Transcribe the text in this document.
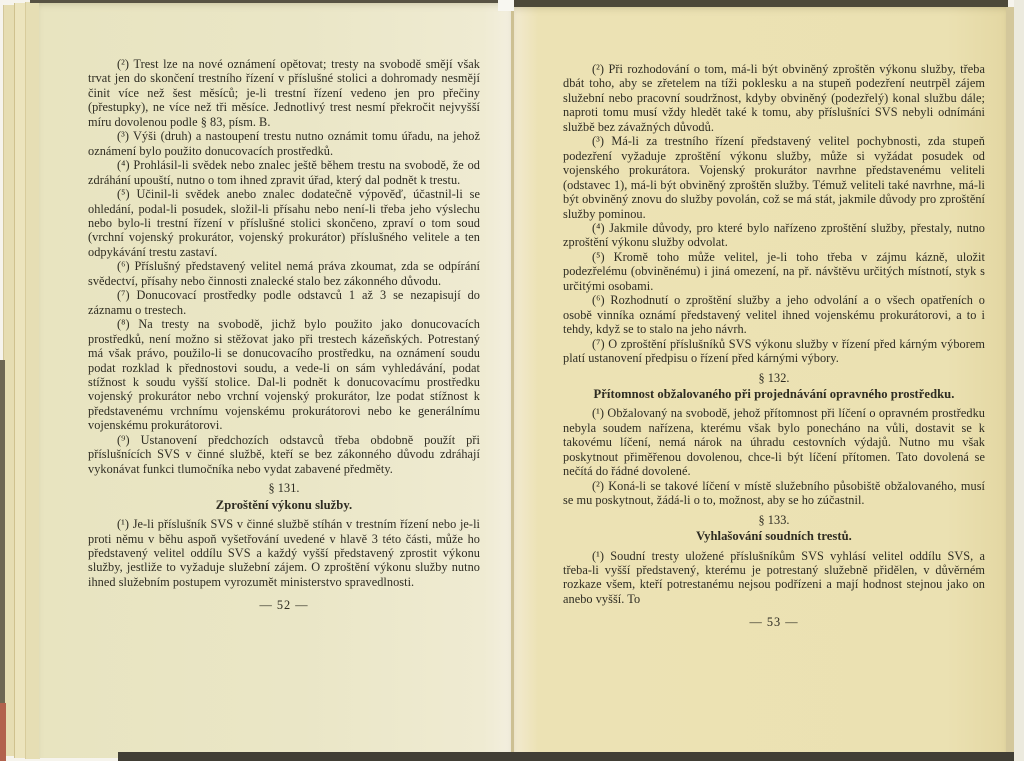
(²) Trest lze na nové oznámení opětovat; tresty na svobodě smějí však trvat jen do skončení trestního řízení v příslušné stolici a dohromady nesmějí činit více než šest měsíců; je-li trestní řízení vedeno jen pro přečiny (přestupky), ne více než tři měsíce. Jednotlivý trest nesmí překročit nejvyšší míru dovolenou podle § 83, písm. B.

(³) Výši (druh) a nastoupení trestu nutno oznámit tomu úřadu, na jehož oznámení bylo použito donucovacích prostředků.

(⁴) Prohlásil-li svědek nebo znalec ještě během trestu na svobodě, že od zdráhání upouští, nutno o tom ihned zpravit úřad, který dal podnět k trestu.

(⁵) Učinil-li svědek anebo znalec dodatečně výpověď, účastnil-li se ohledání, podal-li posudek, složil-li přísahu nebo není-li třeba jeho výslechu nebo bylo-li trestní řízení v příslušné stolici skončeno, zpraví o tom soud (vrchní vojenský prokurátor, vojenský prokurátor) příslušného velitele a ten odpykávání trestu zastaví.

(⁶) Příslušný představený velitel nemá práva zkoumat, zda se odpírání svědectví, přísahy nebo činnosti znalecké stalo bez zákonného důvodu.

(⁷) Donucovací prostředky podle odstavců 1 až 3 se nezapisují do záznamu o trestech.

(⁸) Na tresty na svobodě, jichž bylo použito jako donucovacích prostředků, není možno si stěžovat jako při trestech kázeňských. Potrestaný má však právo, použilo-li se donucovacího prostředku, na oznámení soudu podat rozklad k přednostovi soudu, a vede-li on sám vyhledávání, podat stížnost k soudu vyšší stolice. Dal-li podnět k donucovacímu prostředku vojenský prokurátor nebo vrchní vojenský prokurátor, lze podat stížnost k představenému vrchnímu vojenskému prokurátorovi nebo ke generálnímu vojenskému prokurátorovi.

(⁹) Ustanovení předchozích odstavců třeba obdobně použít při příslušnících SVS v činné službě, kteří se bez zákonného důvodu zdráhají vykonávat funkci tlumočníka nebo vydat zabavené předměty.

§ 131.

Zproštění výkonu služby.

(¹) Je-li příslušník SVS v činné službě stíhán v trestním řízení nebo je-li proti němu v běhu aspoň vyšetřování uvedené v hlavě 3 této části, může ho představený velitel oddílu SVS a každý vyšší představený zprostit výkonu služby, jestliže to vyžaduje služební zájem. O zproštění výkonu služby nutno ihned služebním postupem vyrozumět ministerstvo spravedlnosti.

— 52 —

(²) Při rozhodování o tom, má-li být obviněný zproštěn výkonu služby, třeba dbát toho, aby se zřetelem na tíži poklesku a na stupeň podezření neutrpěl zájem služební nebo pracovní soudržnost, kdyby obviněný (podezřelý) konal službu dále; naproti tomu musí vždy hledět také k tomu, aby příslušníci SVS nebyli odnímáni službě bez závažných důvodů.

(³) Má-li za trestního řízení představený velitel pochybnosti, zda stupeň podezření vyžaduje zproštění výkonu služby, může si vyžádat posudek od vojenského prokurátora. Vojenský prokurátor navrhne představenému veliteli (odstavec 1), má-li být obviněný zproštěn služby. Témuž veliteli také navrhne, má-li být obviněný znovu do služby povolán, což se má stát, jakmile důvody pro zproštění služby pominou.

(⁴) Jakmile důvody, pro které bylo nařízeno zproštění služby, přestaly, nutno zproštění výkonu služby odvolat.

(⁵) Kromě toho může velitel, je-li toho třeba v zájmu kázně, uložit podezřelému (obviněnému) i jiná omezení, na př. návštěvu určitých místnotí, styk s určitými osobami.

(⁶) Rozhodnutí o zproštění služby a jeho odvolání a o všech opatřeních o osobě vinníka oznámí představený velitel ihned vojenskému prokurátorovi, a to i tehdy, když se to stalo na jeho návrh.

(⁷) O zproštění příslušníků SVS výkonu služby v řízení před kárným výborem platí ustanovení předpisu o řízení před kárnými výbory.

§ 132.

Přítomnost obžalovaného při projednávání opravného prostředku.

(¹) Obžalovaný na svobodě, jehož přítomnost při líčení o opravném prostředku nebyla soudem nařízena, kterému však bylo ponecháno na vůli, dostavit se k takovému líčení, nemá nárok na úhradu cestovních výdajů. Nutno mu však poskytnout přiměřenou dovolenou, chce-li být líčení přítomen. Tato dovolená se nečítá do řádné dovolené.

(²) Koná-li se takové líčení v místě služebního působiště obžalovaného, musí se mu poskytnout, žádá-li o to, možnost, aby se ho zúčastnil.

§ 133.

Vyhlašování soudních trestů.

(¹) Soudní tresty uložené příslušníkům SVS vyhlásí velitel oddílu SVS, a třeba-li vyšší představený, kterému je potrestaný služebně přidělen, v důvěrném rozkaze všem, kteří potrestanému nejsou podřízeni a mají hodnost stejnou jako on anebo vyšší. To

— 53 —
